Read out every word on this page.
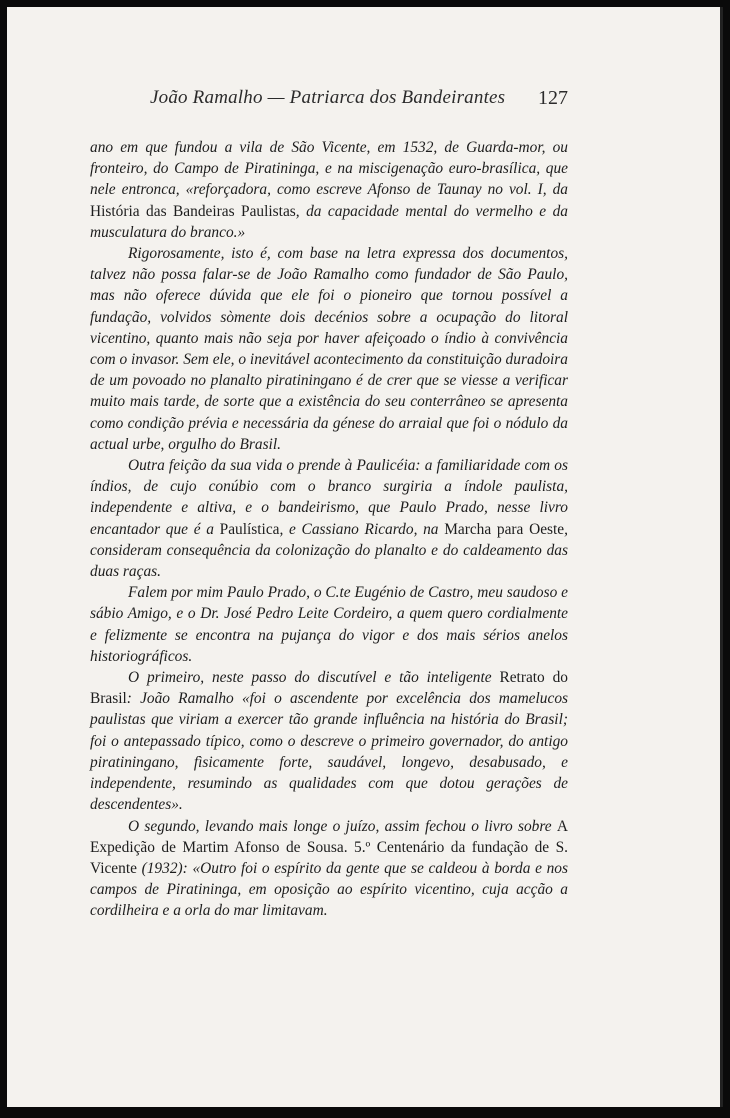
João Ramalho — Patriarca dos Bandeirantes 127

ano em que fundou a vila de São Vicente, em 1532, de Guarda-mor, ou fronteiro, do Campo de Piratininga, e na miscigenação euro-brasílica, que nele entronca, «reforçadora, como escreve Afonso de Taunay no vol. I, da História das Bandeiras Paulistas, da capacidade mental do vermelho e da musculatura do branco.»

Rigorosamente, isto é, com base na letra expressa dos documentos, talvez não possa falar-se de João Ramalho como fundador de São Paulo, mas não oferece dúvida que ele foi o pioneiro que tornou possível a fundação, volvidos sòmente dois decénios sobre a ocupação do litoral vicentino, quanto mais não seja por haver afeiçoado o índio à convivência com o invasor. Sem ele, o inevitável acontecimento da constituição duradoira de um povoado no planalto piratiningano é de crer que se viesse a verificar muito mais tarde, de sorte que a existência do seu conterrâneo se apresenta como condição prévia e necessária da génese do arraial que foi o nódulo da actual urbe, orgulho do Brasil.

Outra feição da sua vida o prende à Paulicéia: a familiaridade com os índios, de cujo conúbio com o branco surgiria a índole paulista, independente e altiva, e o bandeirismo, que Paulo Prado, nesse livro encantador que é a Paulística, e Cassiano Ricardo, na Marcha para Oeste, consideram consequência da colonização do planalto e do caldeamento das duas raças.

Falem por mim Paulo Prado, o C.te Eugénio de Castro, meu saudoso e sábio Amigo, e o Dr. José Pedro Leite Cordeiro, a quem quero cordialmente e felizmente se encontra na pujança do vigor e dos mais sérios anelos historiográficos.

O primeiro, neste passo do discutível e tão inteligente Retrato do Brasil: João Ramalho «foi o ascendente por excelência dos mamelucos paulistas que viriam a exercer tão grande influência na história do Brasil; foi o antepassado típico, como o descreve o primeiro governador, do antigo piratiningano, fìsicamente forte, saudável, longevo, desabusado, e independente, resumindo as qualidades com que dotou gerações de descendentes».

O segundo, levando mais longe o juízo, assim fechou o livro sobre A Expedição de Martim Afonso de Sousa. 5.º Centenário da fundação de S. Vicente (1932): «Outro foi o espírito da gente que se caldeou à borda e nos campos de Piratininga, em oposição ao espírito vicentino, cuja acção a cordilheira e a orla do mar limitavam.
